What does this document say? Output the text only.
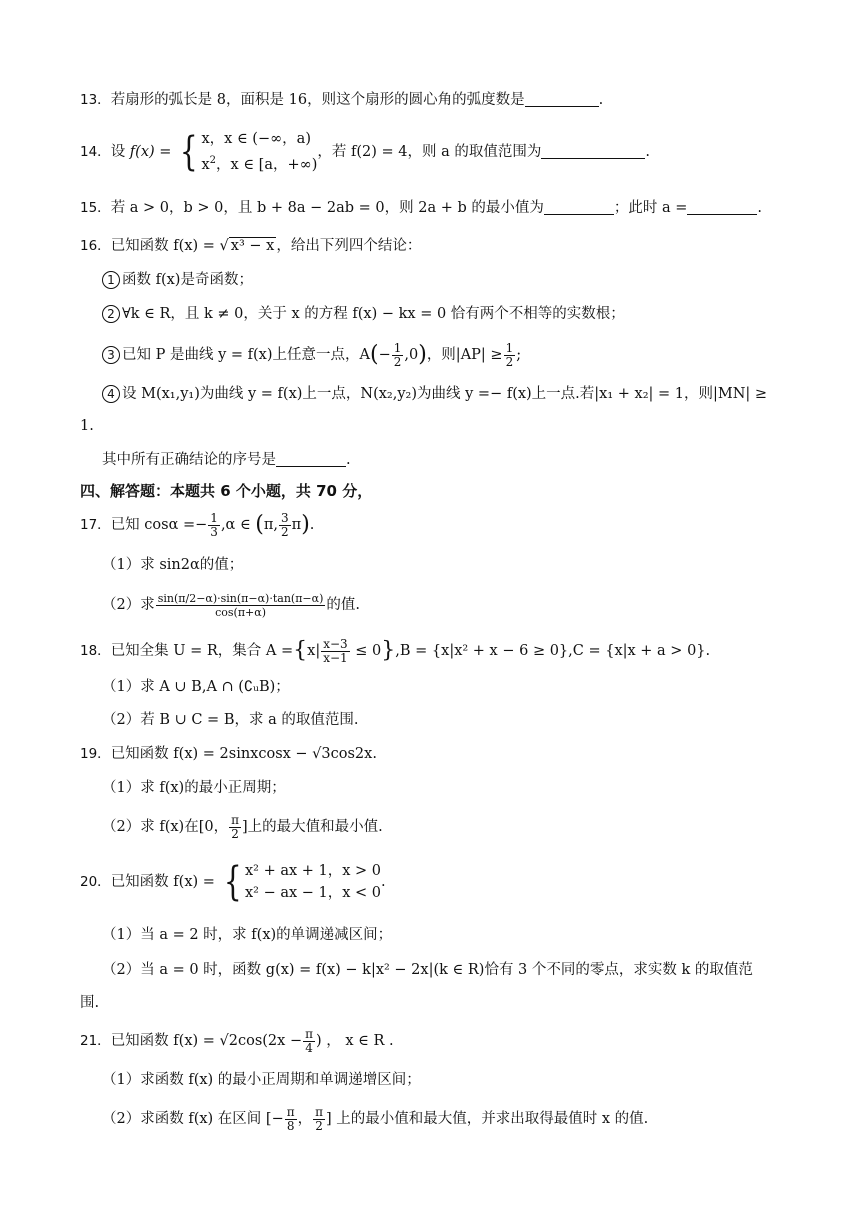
13．若扇形的弧长是 8，面积是 16，则这个扇形的圆心角的弧度数是	.
14．设 f(x) = { x，x ∈ (−∞，a)
$x^2$，x ∈ [a，+∞)
，若 f(2) = 4，则 a 的取值范围为	.
15．若 a > 0，b > 0，且 b + 8a − 2ab = 0，则 2a + b 的最小值为	；此时 a =	.
16．已知函数 f(x) = √ x³ − x ，给出下列四个结论：
1 函数 f(x)是奇函数；
2 ∀k ∈ R，且 k ≠ 0，关于 x 的方程 f(x) − kx = 0 恰有两个不相等的实数根；
3 已知 P 是曲线 y = f(x)上任意一点，$A(- \frac{1}{2} ,0)$，则$|AP| \ge \frac{1}{2}$ ;
4 设 M(x₁,y₁)为曲线 y = f(x)上一点，N(x₂,y₂)为曲线 y =− f(x)上一点.若|x₁ + x₂| = 1，则|MN| ≥
1.
其中所有正确结论的序号是	.
四、解答题：本题共 6 个小题，共 70 分，
17．已知 $\cos\alpha =- \frac{1}{3} ,\alpha$ ∈ (π, $\frac{3}{2} \pi$).
（1）求 sin2α的值；
（2）求 $\frac{\sin(\pi/2-\alpha)\cdot\sin(\pi-\alpha)\cdot\tan(\pi-\alpha)}{\cos(\pi+\alpha)}$ 的值.
18．已知全集 U = R，集合 $A =\{x| \frac{x-3}{x-1} \le 0\},B = \{x|x^2 + x - 6 \ge 0\},C = \{x|x + a > 0\}$.
（1）求 A ∪ B,A ∩ (∁ᵤB)；
（2）若 B ∪ C = B，求 a 的取值范围.
19．已知函数 f(x) = 2sinxcosx − √3cos2x.
（1）求 f(x)的最小正周期；
（2）求 f(x)在[0， $\frac{\pi}{2}$ ]上的最大值和最小值.
20．已知函数 f(x) = { x² + ax + 1，x > 0
x² − ax − 1，x < 0
.
（1）当 a = 2 时，求 f(x)的单调递减区间；
（2）当 a = 0 时，函数 g(x) = f(x) − k|x² − 2x|(k ∈ R)恰有 3 个不同的零点，求实数 k 的取值范
围.
21．已知函数 $f(x) = √2\cos(2x - \frac{\pi}{4}$ ) ， x ∈ R .
（1）求函数 f(x) 的最小正周期和单调递增区间；
（2）求函数 f(x) 在区间 [− $\frac{\pi}{8}$ ， $\frac{\pi}{2}$ ] 上的最小值和最大值，并求出取得最值时 x 的值.
